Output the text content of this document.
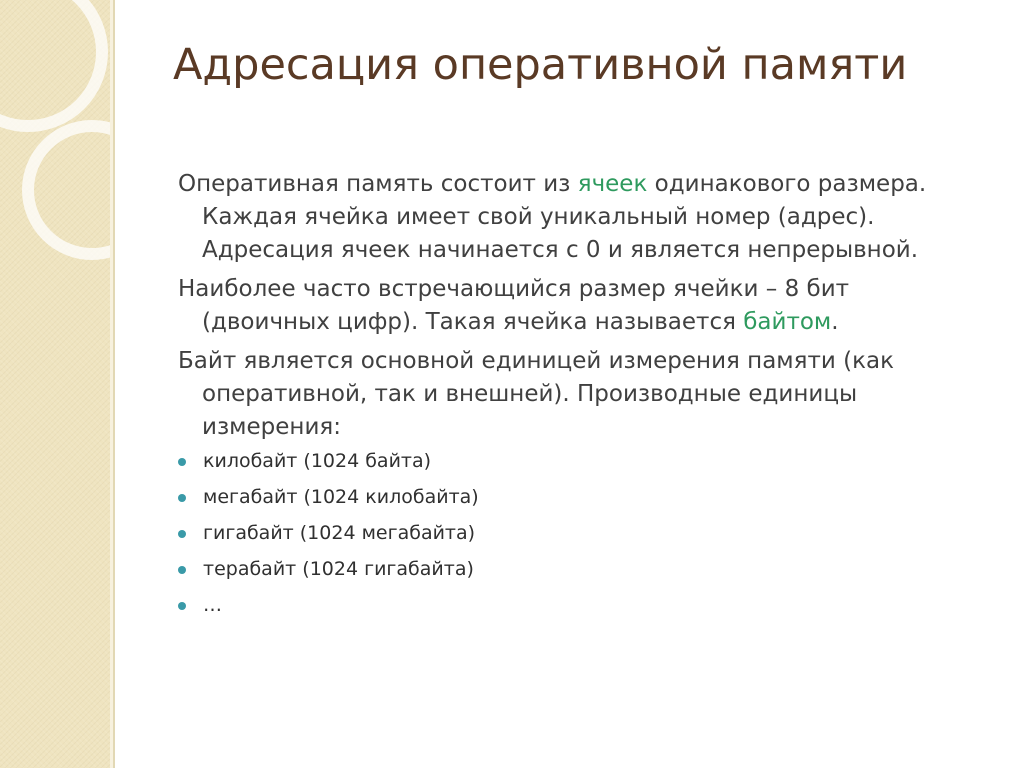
Адресация оперативной памяти

Оперативная память состоит из ячеек одинакового размера. Каждая ячейка имеет свой уникальный номер (адрес). Адресация ячеек начинается с 0 и является непрерывной.

Наиболее часто встречающийся размер ячейки – 8 бит (двоичных цифр). Такая ячейка называется байтом.

Байт является основной единицей измерения памяти (как оперативной, так и внешней). Производные единицы измерения:

килобайт (1024 байта)
мегабайт (1024 килобайта)
гигабайт (1024 мегабайта)
терабайт (1024 гигабайта)
…
